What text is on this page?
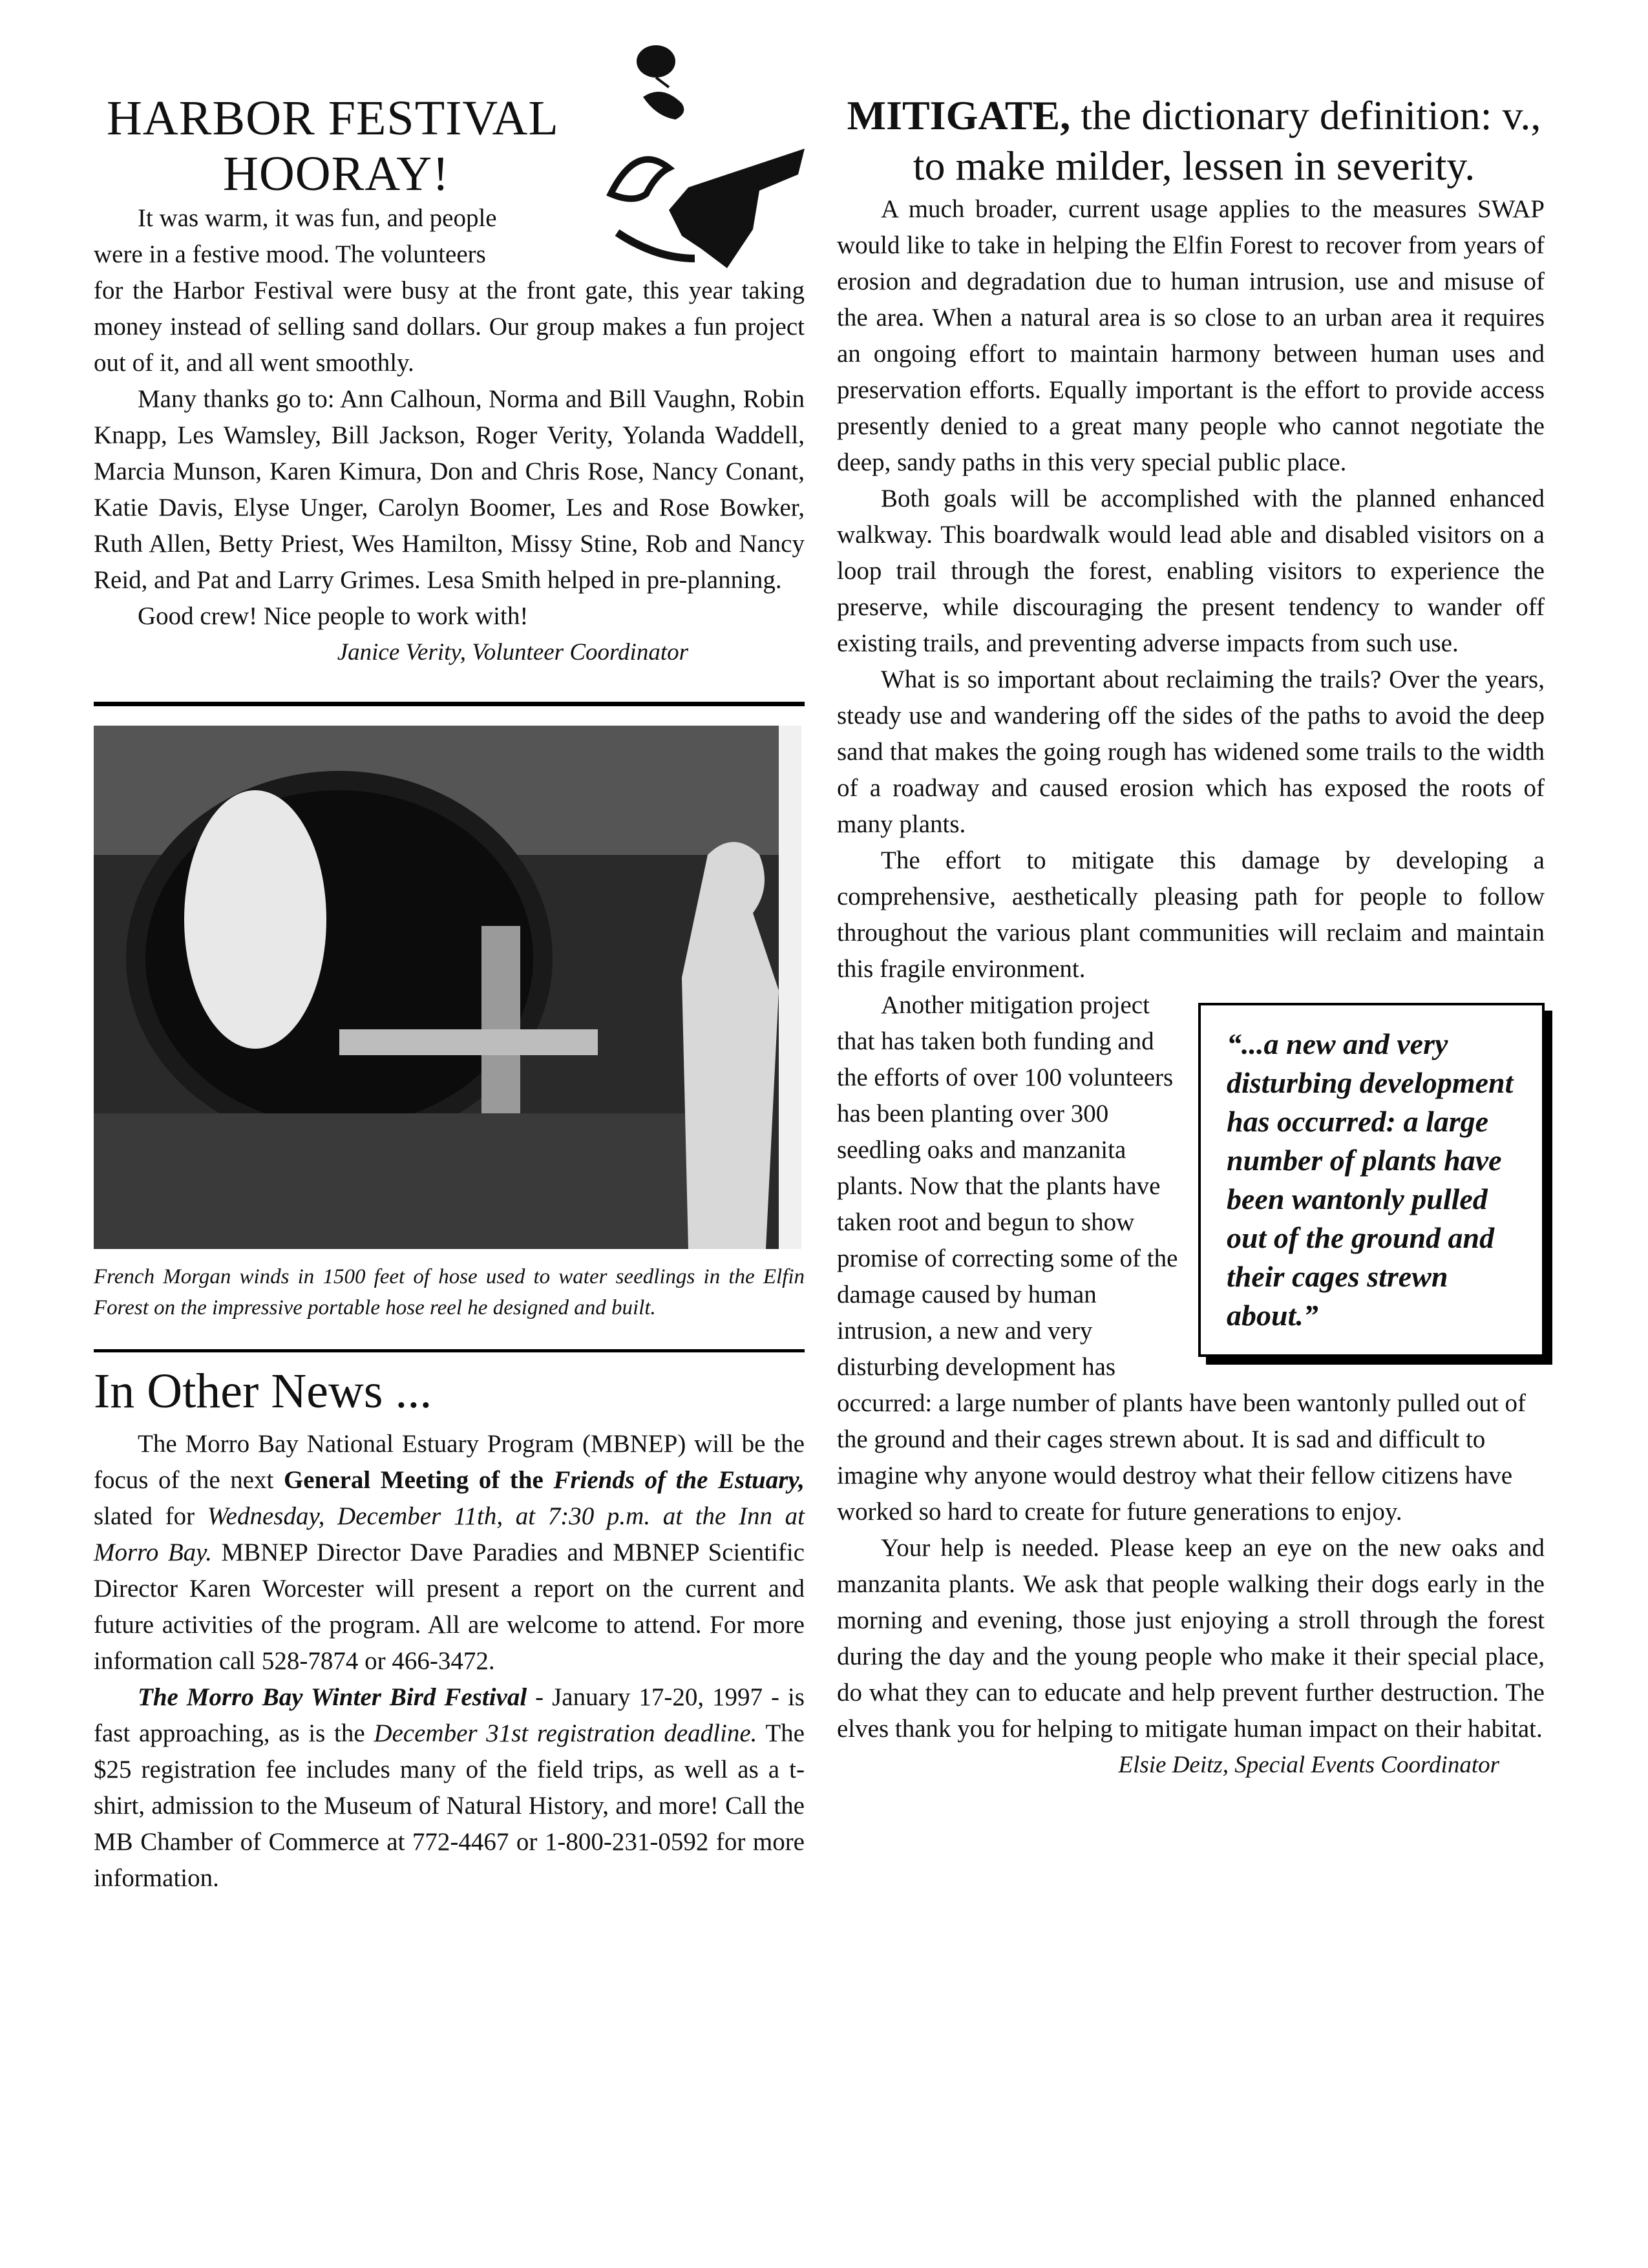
HARBOR FESTIVAL
HOORAY!

It was warm, it was fun, and people

were in a festive mood. The volunteers

for the Harbor Festival were busy at the front gate, this year taking money instead of selling sand dollars. Our group makes a fun project out of it, and all went smoothly.

Many thanks go to: Ann Calhoun, Norma and Bill Vaughn, Robin Knapp, Les Wamsley, Bill Jackson, Roger Verity, Yolanda Waddell, Marcia Munson, Karen Kimura, Don and Chris Rose, Nancy Conant, Katie Davis, Elyse Unger, Carolyn Boomer, Les and Rose Bowker, Ruth Allen, Betty Priest, Wes Hamilton, Missy Stine, Rob and Nancy Reid, and Pat and Larry Grimes. Lesa Smith helped in pre-planning.

Good crew! Nice people to work with!

Janice Verity, Volunteer Coordinator

French Morgan winds in 1500 feet of hose used to water seedlings in the Elfin Forest on the impressive portable hose reel he designed and built.
In Other News ...

The Morro Bay National Estuary Program (MBNEP) will be the focus of the next General Meeting of the Friends of the Estuary, slated for Wednesday, December 11th, at 7:30 p.m. at the Inn at Morro Bay. MBNEP Director Dave Paradies and MBNEP Scientific Director Karen Worcester will present a report on the current and future activities of the program. All are welcome to attend. For more information call 528-7874 or 466-3472.

The Morro Bay Winter Bird Festival - January 17-20, 1997 - is fast approaching, as is the December 31st registration deadline. The $25 registration fee includes many of the field trips, as well as a t-shirt, admission to the Museum of Natural History, and more! Call the MB Chamber of Commerce at 772-4467 or 1-800-231-0592 for more information.

MITIGATE, the dictionary definition: v., to make milder, lessen in severity.

A much broader, current usage applies to the measures SWAP would like to take in helping the Elfin Forest to recover from years of erosion and degradation due to human intrusion, use and misuse of the area. When a natural area is so close to an urban area it requires an ongoing effort to maintain harmony between human uses and preservation efforts. Equally important is the effort to provide access presently denied to a great many people who cannot negotiate the deep, sandy paths in this very special public place.

Both goals will be accomplished with the planned enhanced walkway. This boardwalk would lead able and disabled visitors on a loop trail through the forest, enabling visitors to experience the preserve, while discouraging the present tendency to wander off existing trails, and preventing adverse impacts from such use.

What is so important about reclaiming the trails? Over the years, steady use and wandering off the sides of the paths to avoid the deep sand that makes the going rough has widened some trails to the width of a roadway and caused erosion which has exposed the roots of many plants.

The effort to mitigate this damage by developing a comprehensive, aesthetically pleasing path for people to follow throughout the various plant communities will reclaim and maintain this fragile environment.

“...a new and very disturbing development has occurred: a large number of plants have been wantonly pulled out of the ground and their cages strewn about.”

Another mitigation project that has taken both funding and the efforts of over 100 volunteers has been planting over 300 seedling oaks and manzanita plants. Now that the plants have taken root and begun to show promise of correcting some of the damage caused by human intrusion, a new and very disturbing development has occurred: a large number of plants have been wantonly pulled out of the ground and their cages strewn about. It is sad and difficult to imagine why anyone would destroy what their fellow citizens have worked so hard to create for future generations to enjoy.

Your help is needed. Please keep an eye on the new oaks and manzanita plants. We ask that people walking their dogs early in the morning and evening, those just enjoying a stroll through the forest during the day and the young people who make it their special place, do what they can to educate and help prevent further destruction. The elves thank you for helping to mitigate human impact on their habitat.

Elsie Deitz, Special Events Coordinator
